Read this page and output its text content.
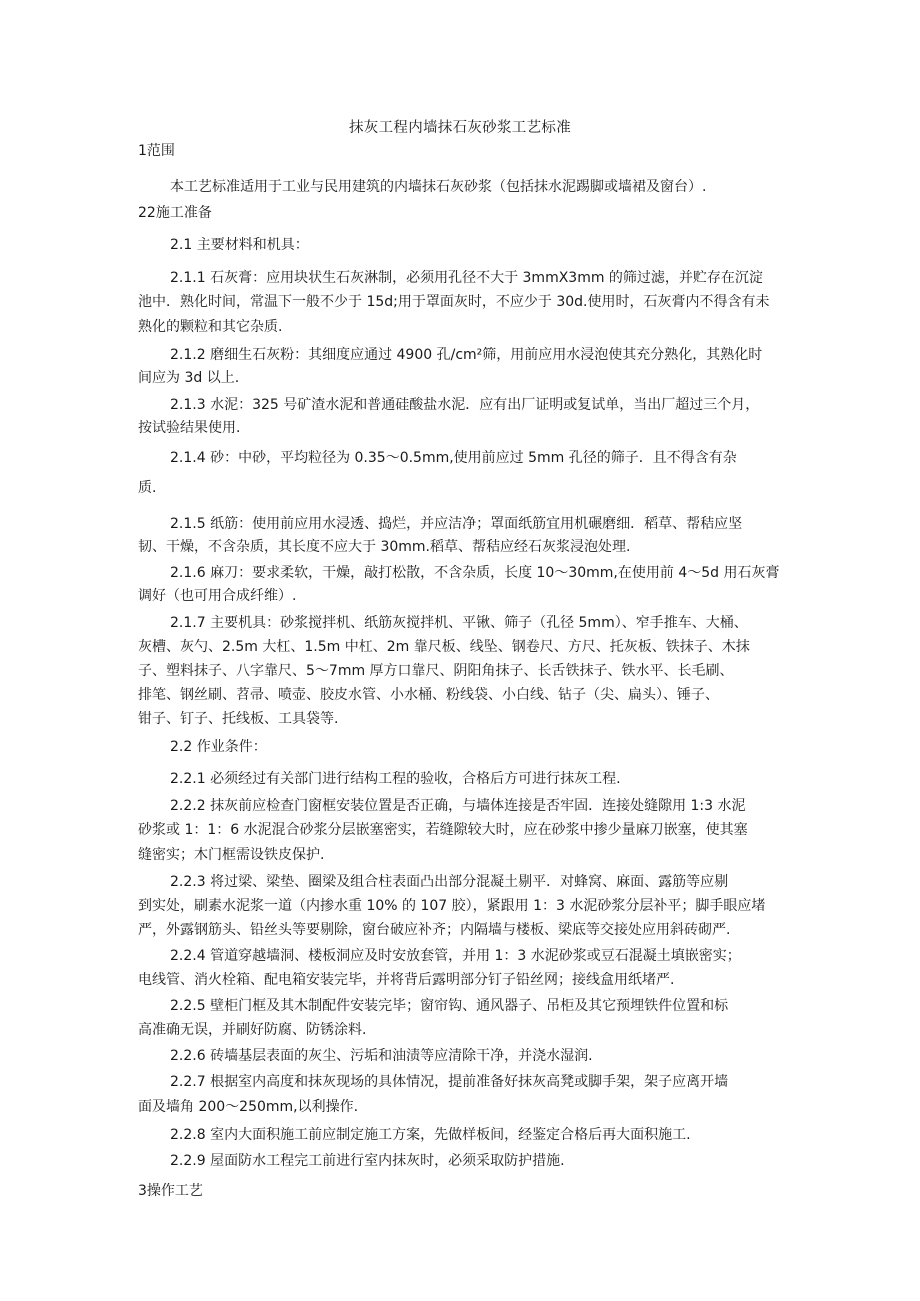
抹灰工程内墙抹石灰砂浆工艺标准
1范围
本工艺标准适用于工业与民用建筑的内墙抹石灰砂浆（包括抹水泥踢脚或墙裙及窗台）.
22施工准备
2.1 主要材料和机具：
2.1.1 石灰膏：应用块状生石灰淋制，必须用孔径不大于 3mmX3mm 的筛过滤，并贮存在沉淀
池中．熟化时间，常温下一般不少于 15d;用于罩面灰时，不应少于 30d.使用时，石灰膏内不得含有未
熟化的颗粒和其它杂质.
2.1.2 磨细生石灰粉：其细度应通过 4900 孔/cm²筛，用前应用水浸泡使其充分熟化，其熟化时
间应为 3d 以上.
2.1.3 水泥：325 号矿渣水泥和普通硅酸盐水泥．应有出厂证明或复试单，当出厂超过三个月，
按试验结果使用.
2.1.4 砂：中砂，平均粒径为 0.35～0.5mm,使用前应过 5mm 孔径的筛子．且不得含有杂
质.
2.1.5 纸筋：使用前应用水浸透、捣烂，并应洁净；罩面纸筋宜用机碾磨细．稻草、帮秸应坚
韧、干燥，不含杂质，其长度不应大于 30mm.稻草、帮秸应经石灰浆浸泡处理.
2.1.6 麻刀：要求柔软，干燥，敲打松散，不含杂质，长度 10～30mm,在使用前 4～5d 用石灰膏
调好（也可用合成纤维）.
2.1.7 主要机具：砂浆搅拌机、纸筋灰搅拌机、平锹、筛子（孔径 5mm）、窄手推车、大桶、
灰槽、灰勺、2.5m 大杠、1.5m 中杠、2m 靠尺板、线坠、钢卷尺、方尺、托灰板、铁抹子、木抹
子、塑料抹子、八字靠尺、5～7mm 厚方口靠尺、阴阳角抹子、长舌铁抹子、铁水平、长毛刷、
排笔、钢丝刷、苕帚、喷壶、胶皮水管、小水桶、粉线袋、小白线、钻子（尖、扁头）、锤子、
钳子、钉子、托线板、工具袋等.
2.2 作业条件：
2.2.1 必须经过有关部门进行结构工程的验收，合格后方可进行抹灰工程.
2.2.2 抹灰前应检查门窗框安装位置是否正确，与墙体连接是否牢固．连接处缝隙用 1:3 水泥
砂浆或 1：1：6 水泥混合砂浆分层嵌塞密实，若缝隙较大时，应在砂浆中掺少量麻刀嵌塞，使其塞
缝密实；木门框需设铁皮保护.
2.2.3 将过梁、梁垫、圈梁及组合柱表面凸出部分混凝土剔平．对蜂窝、麻面、露筋等应剔
到实处，刷素水泥浆一道（内掺水重 10% 的 107 胶），紧跟用 1：3 水泥砂浆分层补平；脚手眼应堵
严，外露钢筋头、铅丝头等要剔除，窗台破应补齐；内隔墙与楼板、梁底等交接处应用斜砖砌严.
2.2.4 管道穿越墙洞、楼板洞应及时安放套管，并用 1：3 水泥砂浆或豆石混凝土填嵌密实；
电线管、消火栓箱、配电箱安装完毕，并将背后露明部分钉子铅丝网；接线盒用纸堵严.
2.2.5 壁柜门框及其木制配件安装完毕；窗帘钩、通风器子、吊柜及其它预埋铁件位置和标
高准确无误，并刷好防腐、防锈涂料.
2.2.6 砖墙基层表面的灰尘、污垢和油渍等应清除干净，并浇水湿润.
2.2.7 根据室内高度和抹灰现场的具体情况，提前准备好抹灰高凳或脚手架，架子应离开墙
面及墙角 200～250mm,以利操作.
2.2.8 室内大面积施工前应制定施工方案，先做样板间，经鉴定合格后再大面积施工.
2.2.9 屋面防水工程完工前进行室内抹灰时，必须采取防护措施.
3操作工艺
